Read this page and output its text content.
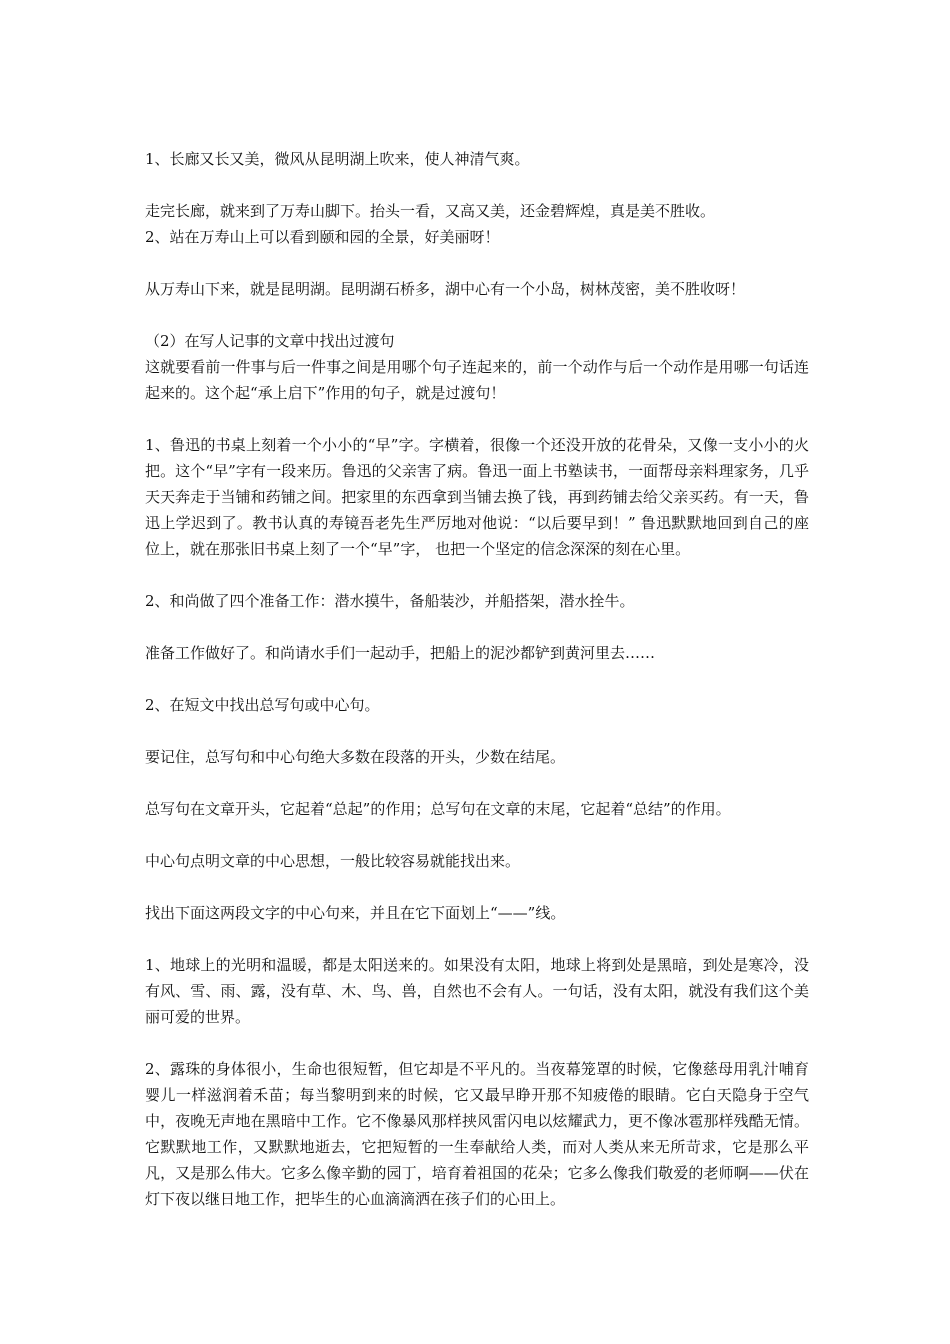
1、长廊又长又美，微风从昆明湖上吹来，使人神清气爽。

走完长廊，就来到了万寿山脚下。抬头一看，又高又美，还金碧辉煌，真是美不胜收。

2、站在万寿山上可以看到颐和园的全景，好美丽呀！

从万寿山下来，就是昆明湖。昆明湖石桥多，湖中心有一个小岛，树林茂密，美不胜收呀！

（2）在写人记事的文章中找出过渡句

这就要看前一件事与后一件事之间是用哪个句子连起来的，前一个动作与后一个动作是用哪一句话连起来的。这个起“承上启下”作用的句子，就是过渡句！

1、鲁迅的书桌上刻着一个小小的“早”字。字横着，很像一个还没开放的花骨朵，又像一支小小的火把。这个“早”字有一段来历。鲁迅的父亲害了病。鲁迅一面上书塾读书，一面帮母亲料理家务，几乎天天奔走于当铺和药铺之间。把家里的东西拿到当铺去换了钱，再到药铺去给父亲买药。有一天，鲁迅上学迟到了。教书认真的寿镜吾老先生严厉地对他说：“以后要早到！” 鲁迅默默地回到自己的座位上，就在那张旧书桌上刻了一个“早”字， 也把一个坚定的信念深深的刻在心里。

2、和尚做了四个准备工作：潜水摸牛，备船装沙，并船搭架，潜水拴牛。

准备工作做好了。和尚请水手们一起动手，把船上的泥沙都铲到黄河里去……

2、在短文中找出总写句或中心句。

要记住，总写句和中心句绝大多数在段落的开头，少数在结尾。

总写句在文章开头，它起着“总起”的作用；总写句在文章的末尾，它起着“总结”的作用。

中心句点明文章的中心思想，一般比较容易就能找出来。

找出下面这两段文字的中心句来，并且在它下面划上“——”线。

1、地球上的光明和温暖，都是太阳送来的。如果没有太阳，地球上将到处是黑暗，到处是寒冷，没有风、雪、雨、露，没有草、木、鸟、兽，自然也不会有人。一句话，没有太阳，就没有我们这个美丽可爱的世界。

2、露珠的身体很小，生命也很短暂，但它却是不平凡的。当夜幕笼罩的时候，它像慈母用乳汁哺育婴儿一样滋润着禾苗；每当黎明到来的时候，它又最早睁开那不知疲倦的眼睛。它白天隐身于空气中，夜晚无声地在黑暗中工作。它不像暴风那样挟风雷闪电以炫耀武力，更不像冰雹那样残酷无情。它默默地工作，又默默地逝去，它把短暂的一生奉献给人类，而对人类从来无所苛求，它是那么平凡，又是那么伟大。它多么像辛勤的园丁，培育着祖国的花朵；它多么像我们敬爱的老师啊——伏在灯下夜以继日地工作，把毕生的心血滴滴洒在孩子们的心田上。
